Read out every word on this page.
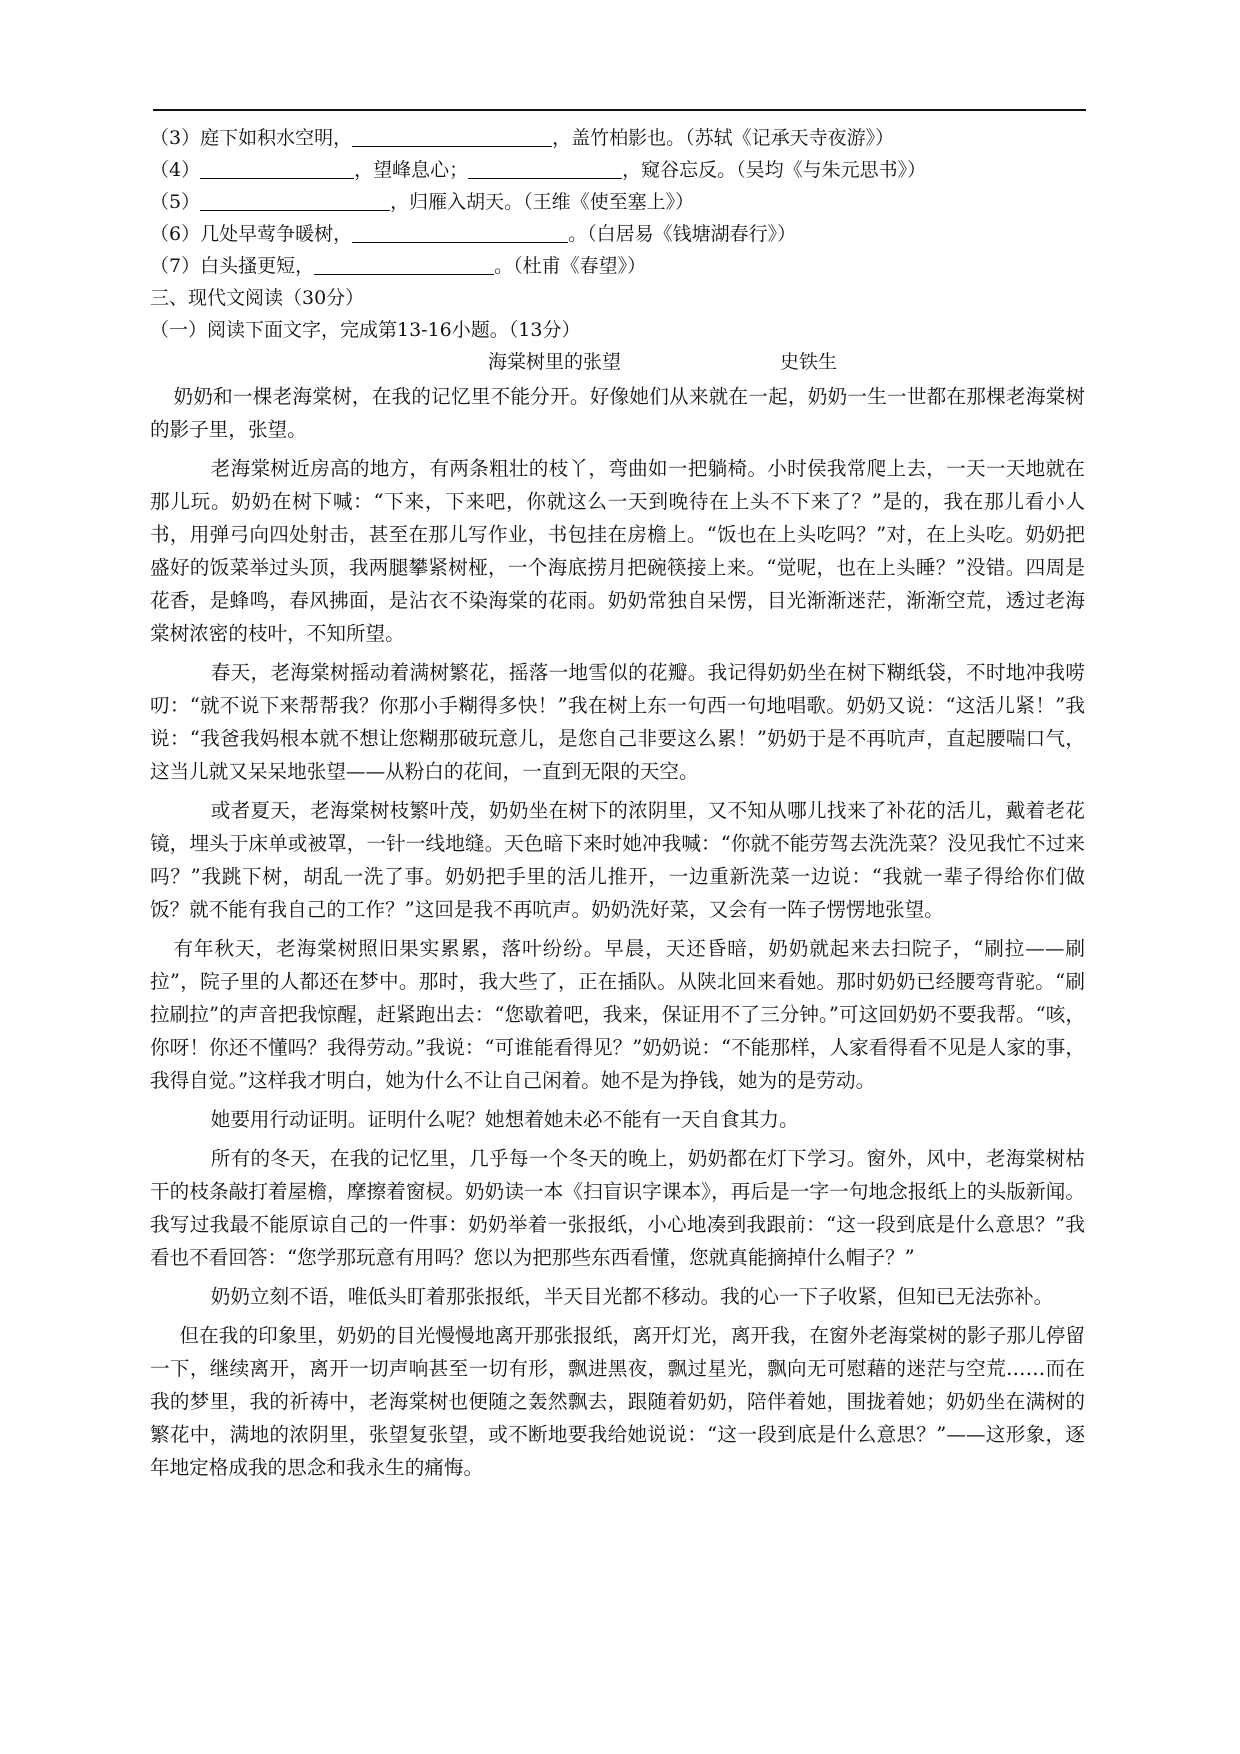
（3）庭下如积水空明，	，盖竹柏影也。（苏轼《记承天寺夜游》）
（4）	，望峰息心；	，窥谷忘反。（吴均《与朱元思书》）
（5）	，归雁入胡天。（王维《使至塞上》）
（6）几处早莺争暖树，	。（白居易《钱塘湖春行》）
（7）白头搔更短，	。（杜甫《春望》）
三、现代文阅读（30分）
（一）阅读下面文字，完成第13-16小题。（13分）
海棠树里的张望	史铁生

奶奶和一棵老海棠树，在我的记忆里不能分开。好像她们从来就在一起，奶奶一生一世都在那棵老海棠树的影子里，张望。

老海棠树近房高的地方，有两条粗壮的枝丫，弯曲如一把躺椅。小时侯我常爬上去，一天一天地就在那儿玩。奶奶在树下喊：“下来，下来吧，你就这么一天到晚待在上头不下来了？”是的，我在那儿看小人书，用弹弓向四处射击，甚至在那儿写作业，书包挂在房檐上。“饭也在上头吃吗？”对，在上头吃。奶奶把盛好的饭菜举过头顶，我两腿攀紧树桠，一个海底捞月把碗筷接上来。“觉呢，也在上头睡？”没错。四周是花香，是蜂鸣，春风拂面，是沾衣不染海棠的花雨。奶奶常独自呆愣，目光渐渐迷茫，渐渐空荒，透过老海棠树浓密的枝叶，不知所望。

春天，老海棠树摇动着满树繁花，摇落一地雪似的花瓣。我记得奶奶坐在树下糊纸袋，不时地冲我唠叨：“就不说下来帮帮我？你那小手糊得多快！”我在树上东一句西一句地唱歌。奶奶又说：“这活儿紧！”我说：“我爸我妈根本就不想让您糊那破玩意儿，是您自己非要这么累！”奶奶于是不再吭声，直起腰喘口气，这当儿就又呆呆地张望——从粉白的花间，一直到无限的天空。

或者夏天，老海棠树枝繁叶茂，奶奶坐在树下的浓阴里，又不知从哪儿找来了补花的活儿，戴着老花镜，埋头于床单或被罩，一针一线地缝。天色暗下来时她冲我喊：“你就不能劳驾去洗洗菜？没见我忙不过来吗？”我跳下树，胡乱一洗了事。奶奶把手里的活儿推开，一边重新洗菜一边说：“我就一辈子得给你们做饭？就不能有我自己的工作？”这回是我不再吭声。奶奶洗好菜，又会有一阵子愣愣地张望。

有年秋天，老海棠树照旧果实累累，落叶纷纷。早晨，天还昏暗，奶奶就起来去扫院子，“刷拉——刷拉”，院子里的人都还在梦中。那时，我大些了，正在插队。从陕北回来看她。那时奶奶已经腰弯背驼。“刷拉刷拉”的声音把我惊醒，赶紧跑出去：“您歇着吧，我来，保证用不了三分钟。”可这回奶奶不要我帮。“咳，你呀！你还不懂吗？我得劳动。”我说：“可谁能看得见？”奶奶说：“不能那样，人家看得看不见是人家的事，我得自觉。”这样我才明白，她为什么不让自己闲着。她不是为挣钱，她为的是劳动。

她要用行动证明。证明什么呢？她想着她未必不能有一天自食其力。

所有的冬天，在我的记忆里，几乎每一个冬天的晚上，奶奶都在灯下学习。窗外，风中，老海棠树枯干的枝条敲打着屋檐，摩擦着窗棂。奶奶读一本《扫盲识字课本》，再后是一字一句地念报纸上的头版新闻。我写过我最不能原谅自己的一件事：奶奶举着一张报纸，小心地凑到我跟前：“这一段到底是什么意思？”我看也不看回答：“您学那玩意有用吗？您以为把那些东西看懂，您就真能摘掉什么帽子？”

奶奶立刻不语，唯低头盯着那张报纸，半天目光都不移动。我的心一下子收紧，但知已无法弥补。

但在我的印象里，奶奶的目光慢慢地离开那张报纸，离开灯光，离开我，在窗外老海棠树的影子那儿停留一下，继续离开，离开一切声响甚至一切有形，飘进黑夜，飘过星光，飘向无可慰藉的迷茫与空荒……而在我的梦里，我的祈祷中，老海棠树也便随之轰然飘去，跟随着奶奶，陪伴着她，围拢着她；奶奶坐在满树的繁花中，满地的浓阴里，张望复张望，或不断地要我给她说说：“这一段到底是什么意思？”——这形象，逐年地定格成我的思念和我永生的痛悔。
